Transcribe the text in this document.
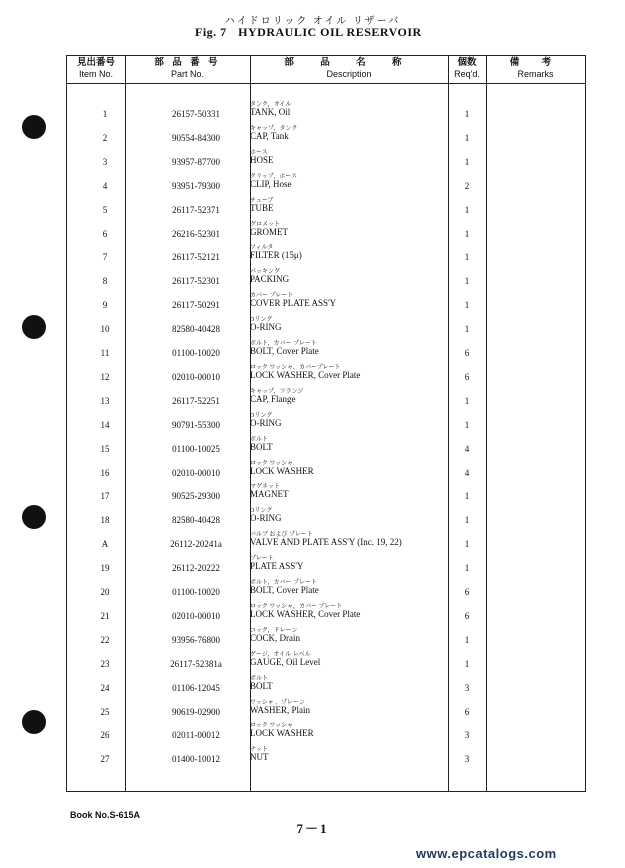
ハイドロリック オイル リザーバ
Fig. 7 HYDRAULIC OIL RESERVOIR
見出番号
Item No.
部 品 番 号
Part No.
部 品 名 称
Description
個数
Req'd.
備 考
Remarks
1	26157-50331
タンク，オイル
TANK, Oil	1
2	90554-84300
キャップ，タンク
CAP, Tank	1
3	93957-87700
ホース
HOSE	1
4	93951-79300
クリップ，ホース
CLIP, Hose	2
5	26117-52371
チューブ
TUBE	1
6	26216-52301
グロメット
GROMET	1
7	26117-52121
フィルタ
FILTER (15μ)	1
8	26117-52301
パッキング
PACKING	1
9	26117-50291
カバー プレート
COVER PLATE ASS'Y	1
10	82580-40428
Oリング
O-RING	1
11	01100-10020
ボルト，カバー プレート
BOLT, Cover Plate	6
12	02010-00010
ロック ワッシャ，カバープレート
LOCK WASHER, Cover Plate	6
13	26117-52251
キャップ，フランジ
CAP, Flange	1
14	90791-55300
Oリング
O-RING	1
15	01100-10025
ボルト
BOLT	4
16	02010-00010
ロック ワッシャ
LOCK WASHER	4
17	90525-29300
マグネット
MAGNET	1
18	82580-40428
Oリング
O-RING	1
A	26112-20241a
バルブ および プレート
VALVE AND PLATE ASS'Y (Inc. 19, 22)	1
19	26112-20222
プレート
PLATE ASS'Y	1
20	01100-10020
ボルト，カバー プレート
BOLT, Cover Plate	6
21	02010-00010
ロック ワッシャ，カバー プレート
LOCK WASHER, Cover Plate	6
22	93956-76800
コック，ドレーン
COCK, Drain	1
23	26117-52381a
ゲージ，オイル レベル
GAUGE, Oil Level	1
24	01106-12045
ボルト
BOLT	3
25	90619-02900
ワッシャ ，プレーン
WASHER, Plain	6
26	02011-00012
ロック ワッシャ
LOCK WASHER	3
27	01400-10012
ナット
NUT	3
Book No.S-615A
7－1
www.epcatalogs.com
